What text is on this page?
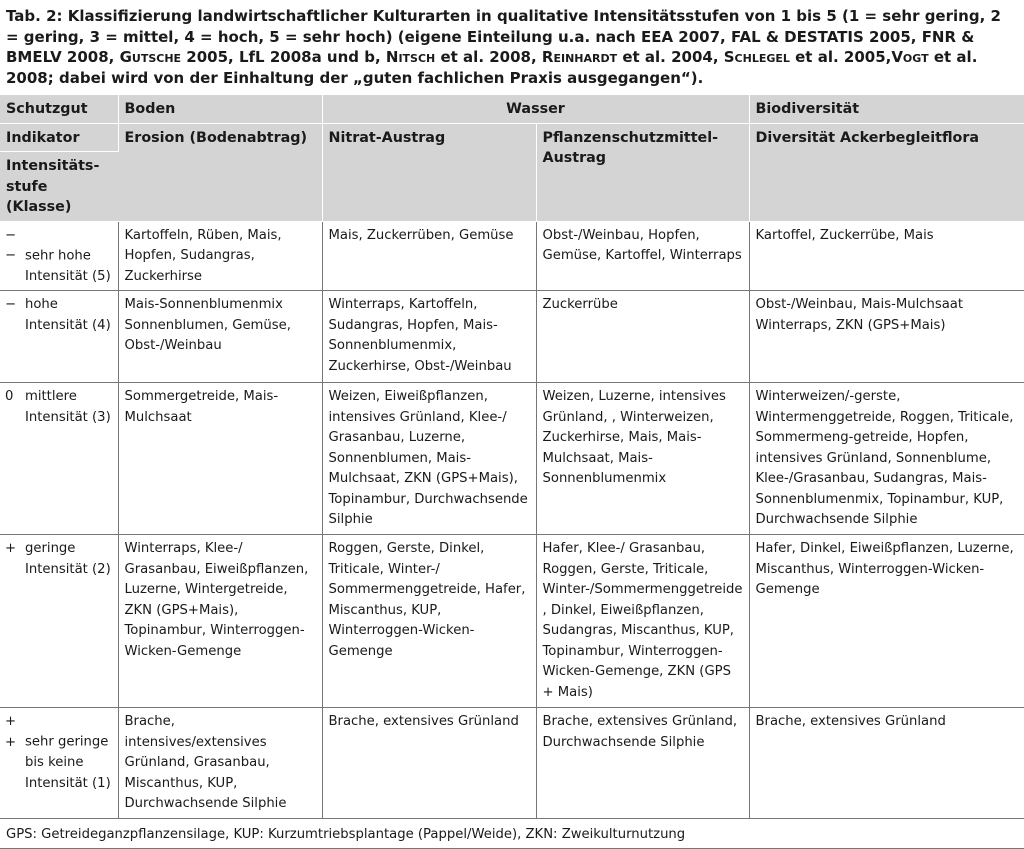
Tab. 2: Klassifizierung landwirtschaftlicher Kulturarten in qualitative Intensitätsstufen von 1 bis 5 (1 = sehr gering, 2 = gering, 3 = mittel, 4 = hoch, 5 = sehr hoch) (eigene Einteilung u.a. nach EEA 2007, FAL & DESTATIS 2005, FNR & BMELV 2008, Gutsche 2005, LfL 2008a und b, Nitsch et al. 2008, Reinhardt et al. 2004, Schlegel et al. 2005,Vogt et al. 2008; dabei wird von der Einhaltung der „guten fachlichen Praxis ausgegangen“).

Schutzgut	Boden	Wasser		Biodiversität
Indikator	Erosion (Bodenabtrag)	Nitrat-Austrag	Pflanzenschutzmittel-Austrag	Diversität Ackerbegleitflora
Intensitäts-stufe (Klasse)				
−− sehr hohe
Intensität (5)	Kartoffeln, Rüben, Mais, Hopfen, Sudangras, Zuckerhirse	Mais, Zuckerrüben, Gemüse	Obst-/Weinbau, Hopfen, Gemüse, Kartoffel, Winterraps	Kartoffel, Zuckerrübe, Mais
− hohe
Intensität (4)	Mais-Sonnenblumenmix Sonnenblumen, Gemüse, Obst-/Weinbau	Winterraps, Kartoffeln, Sudangras, Hopfen, Mais-Sonnenblumenmix, Zuckerhirse, Obst-/Weinbau	Zuckerrübe	Obst-/Weinbau, Mais-Mulchsaat Winterraps, ZKN (GPS+Mais)
0 mittlere
Intensität (3)	Sommergetreide, Mais-Mulchsaat	Weizen, Eiweißpflanzen, intensives Grünland, Klee-/ Grasanbau, Luzerne, Sonnenblumen, Mais-Mulchsaat, ZKN (GPS+Mais), Topinambur, Durchwachsende Silphie	Weizen, Luzerne, intensives Grünland, , Winterweizen, Zuckerhirse, Mais, Mais-Mulchsaat, Mais-Sonnenblumenmix	Winterweizen/-gerste, Wintermenggetreide, Roggen, Triticale, Sommermeng-getreide, Hopfen, intensives Grünland, Sonnenblume, Klee-/Grasanbau, Sudangras, Mais-Sonnenblumenmix, Topinambur, KUP, Durchwachsende Silphie
+ geringe
Intensität (2)	Winterraps, Klee-/ Grasanbau, Eiweißpflanzen, Luzerne, Wintergetreide, ZKN (GPS+Mais), Topinambur, Winterroggen-Wicken-Gemenge	Roggen, Gerste, Dinkel, Triticale, Winter-/ Sommermenggetreide, Hafer, Miscanthus, KUP, Winterroggen-Wicken-Gemenge	Hafer, Klee-/ Grasanbau, Roggen, Gerste, Triticale, Winter-/Sommermenggetreide, Dinkel, Eiweißpflanzen, Sudangras, Miscanthus, KUP, Topinambur, Winterroggen-Wicken-Gemenge, ZKN (GPS + Mais)	Hafer, Dinkel, Eiweißpflanzen, Luzerne, Miscanthus, Winterroggen-Wicken-Gemenge
++ sehr geringe
bis keine Intensität (1)	Brache, intensives/extensives Grünland, Grasanbau, Miscanthus, KUP, Durchwachsende Silphie	Brache, extensives Grünland	Brache, extensives Grünland, Durchwachsende Silphie	Brache, extensives Grünland
GPS: Getreideganzpflanzensilage, KUP: Kurzumtriebsplantage (Pappel/Weide), ZKN: Zweikulturnutzung				
